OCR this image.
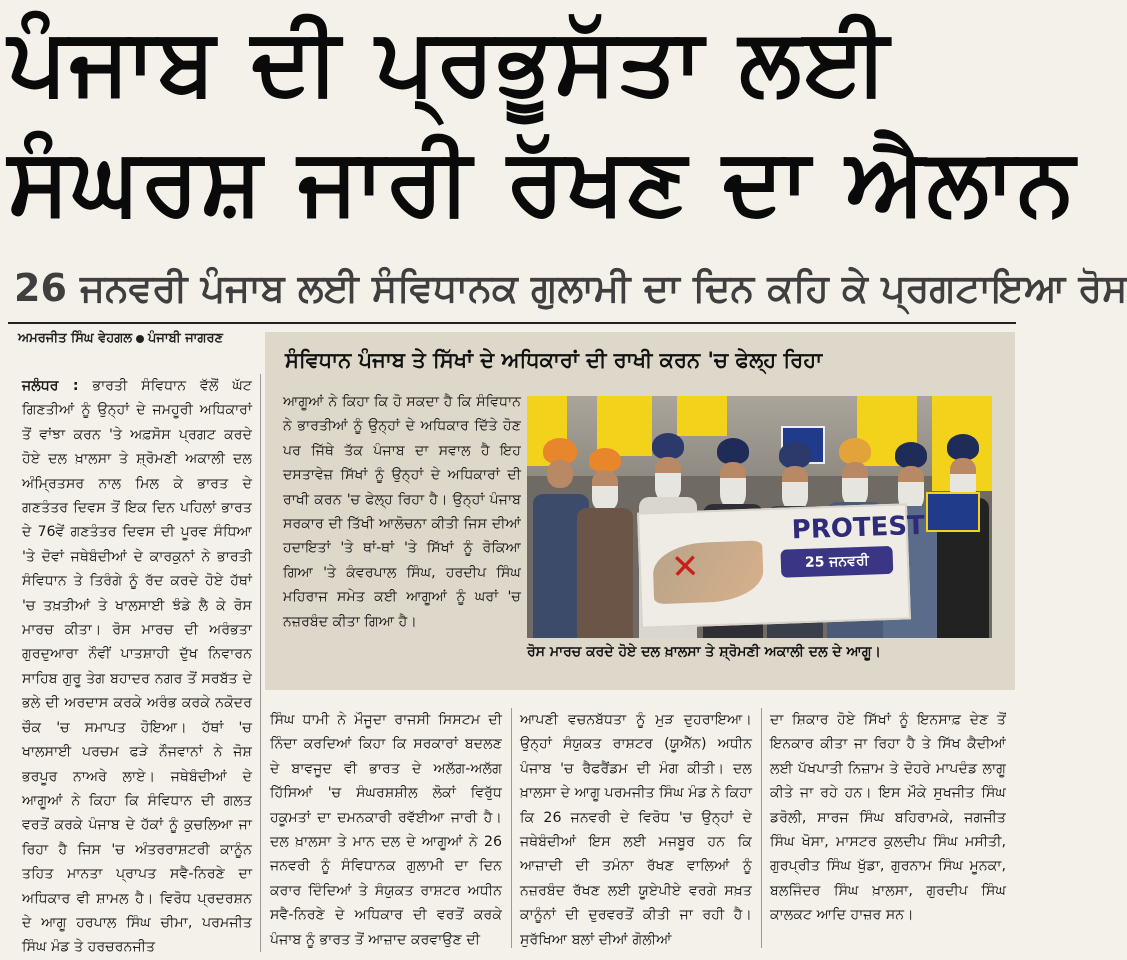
ਪੰਜਾਬ ਦੀ ਪ੍ਰਭੂਸੱਤਾ ਲਈ
ਸੰਘਰਸ਼ ਜਾਰੀ ਰੱਖਣ ਦਾ ਐਲਾਨ
26 ਜਨਵਰੀ ਪੰਜਾਬ ਲਈ ਸੰਵਿਧਾਨਕ ਗੁਲਾਮੀ ਦਾ ਦਿਨ ਕਹਿ ਕੇ ਪ੍ਰਗਟਾਇਆ ਰੋਸ
ਅਮਰਜੀਤ ਸਿੰਘ ਵੇਹਗਲ ਪੰਜਾਬੀ ਜਾਗਰਣ
ਜਲੰਧਰ : ਭਾਰਤੀ ਸੰਵਿਧਾਨ ਵੱਲੋਂ ਘੱਟ ਗਿਣਤੀਆਂ ਨੂੰ ਉਨ੍ਹਾਂ ਦੇ ਜਮਹੂਰੀ ਅਧਿਕਾਰਾਂ ਤੋਂ ਵਾਂਝਾ ਕਰਨ 'ਤੇ ਅਫ਼ਸੋਸ ਪ੍ਰਗਟ ਕਰਦੇ ਹੋਏ ਦਲ ਖ਼ਾਲਸਾ ਤੇ ਸ਼੍ਰੋਮਣੀ ਅਕਾਲੀ ਦਲ ਅੰਮ੍ਰਿਤਸਰ ਨਾਲ ਮਿਲ ਕੇ ਭਾਰਤ ਦੇ ਗਣਤੰਤਰ ਦਿਵਸ ਤੋਂ ਇਕ ਦਿਨ ਪਹਿਲਾਂ ਭਾਰਤ ਦੇ 76ਵੇਂ ਗਣਤੰਤਰ ਦਿਵਸ ਦੀ ਪੂਰਵ ਸੰਧਿਆ 'ਤੇ ਦੋਵਾਂ ਜਥੇਬੰਦੀਆਂ ਦੇ ਕਾਰਕੁਨਾਂ ਨੇ ਭਾਰਤੀ ਸੰਵਿਧਾਨ ਤੇ ਤਿਰੰਗੇ ਨੂੰ ਰੱਦ ਕਰਦੇ ਹੋਏ ਹੱਥਾਂ 'ਚ ਤਖ਼ਤੀਆਂ ਤੇ ਖਾਲਸਾਈ ਝੰਡੇ ਲੈ ਕੇ ਰੋਸ ਮਾਰਚ ਕੀਤਾ। ਰੋਸ ਮਾਰਚ ਦੀ ਅਰੰਭਤਾ ਗੁਰਦੁਆਰਾ ਨੌਵੀਂ ਪਾਤਸ਼ਾਹੀ ਦੁੱਖ ਨਿਵਾਰਨ ਸਾਹਿਬ ਗੁਰੂ ਤੇਗ ਬਹਾਦਰ ਨਗਰ ਤੋਂ ਸਰਬੱਤ ਦੇ ਭਲੇ ਦੀ ਅਰਦਾਸ ਕਰਕੇ ਅਰੰਭ ਕਰਕੇ ਨਕੋਦਰ ਚੌਕ 'ਚ ਸਮਾਪਤ ਹੋਇਆ। ਹੱਥਾਂ 'ਚ ਖਾਲਸਾਈ ਪਰਚਮ ਫੜੇ ਨੌਜਵਾਨਾਂ ਨੇ ਜੋਸ਼ ਭਰਪੂਰ ਨਾਅਰੇ ਲਾਏ। ਜਥੇਬੰਦੀਆਂ ਦੇ ਆਗੂਆਂ ਨੇ ਕਿਹਾ ਕਿ ਸੰਵਿਧਾਨ ਦੀ ਗਲਤ ਵਰਤੋਂ ਕਰਕੇ ਪੰਜਾਬ ਦੇ ਹੱਕਾਂ ਨੂੰ ਕੁਚਲਿਆ ਜਾ ਰਿਹਾ ਹੈ ਜਿਸ 'ਚ ਅੰਤਰਰਾਸ਼ਟਰੀ ਕਾਨੂੰਨ ਤਹਿਤ ਮਾਨਤਾ ਪ੍ਰਾਪਤ ਸਵੈ-ਨਿਰਣੇ ਦਾ ਅਧਿਕਾਰ ਵੀ ਸ਼ਾਮਲ ਹੈ। ਵਿਰੋਧ ਪ੍ਰਦਰਸ਼ਨ ਦੇ ਆਗੂ ਹਰਪਾਲ ਸਿੰਘ ਚੀਮਾ, ਪਰਮਜੀਤ ਸਿੰਘ ਮੰਡ ਤੇ ਹਰਚਰਨਜੀਤ
ਸੰਵਿਧਾਨ ਪੰਜਾਬ ਤੇ ਸਿੱਖਾਂ ਦੇ ਅਧਿਕਾਰਾਂ ਦੀ ਰਾਖੀ ਕਰਨ 'ਚ ਫੇਲ੍ਹ ਰਿਹਾ
ਆਗੂਆਂ ਨੇ ਕਿਹਾ ਕਿ ਹੋ ਸਕਦਾ ਹੈ ਕਿ ਸੰਵਿਧਾਨ ਨੇ ਭਾਰਤੀਆਂ ਨੂੰ ਉਨ੍ਹਾਂ ਦੇ ਅਧਿਕਾਰ ਦਿੱਤੇ ਹੋਣ ਪਰ ਜਿੱਥੇ ਤੱਕ ਪੰਜਾਬ ਦਾ ਸਵਾਲ ਹੈ ਇਹ ਦਸਤਾਵੇਜ਼ ਸਿੱਖਾਂ ਨੂੰ ਉਨ੍ਹਾਂ ਦੇ ਅਧਿਕਾਰਾਂ ਦੀ ਰਾਖੀ ਕਰਨ 'ਚ ਫੇਲ੍ਹ ਰਿਹਾ ਹੈ। ਉਨ੍ਹਾਂ ਪੰਜਾਬ ਸਰਕਾਰ ਦੀ ਤਿੱਖੀ ਆਲੋਚਨਾ ਕੀਤੀ ਜਿਸ ਦੀਆਂ ਹਦਾਇਤਾਂ 'ਤੇ ਥਾਂ-ਥਾਂ 'ਤੇ ਸਿੱਖਾਂ ਨੂੰ ਰੋਕਿਆ ਗਿਆ 'ਤੇ ਕੰਵਰਪਾਲ ਸਿੰਘ, ਹਰਦੀਪ ਸਿੰਘ ਮਹਿਰਾਜ ਸਮੇਤ ਕਈ ਆਗੂਆਂ ਨੂੰ ਘਰਾਂ 'ਚ ਨਜ਼ਰਬੰਦ ਕੀਤਾ ਗਿਆ ਹੈ।
✕
PROTEST
25 ਜਨਵਰੀ
ਰੋਸ ਮਾਰਚ ਕਰਦੇ ਹੋਏ ਦਲ ਖ਼ਾਲਸਾ ਤੇ ਸ਼੍ਰੋਮਣੀ ਅਕਾਲੀ ਦਲ ਦੇ ਆਗੂ।
ਸਿੰਘ ਧਾਮੀ ਨੇ ਮੌਜੂਦਾ ਰਾਜਸੀ ਸਿਸਟਮ ਦੀ ਨਿੰਦਾ ਕਰਦਿਆਂ ਕਿਹਾ ਕਿ ਸਰਕਾਰਾਂ ਬਦਲਣ ਦੇ ਬਾਵਜੂਦ ਵੀ ਭਾਰਤ ਦੇ ਅਲੱਗ-ਅਲੱਗ ਹਿੱਸਿਆਂ 'ਚ ਸੰਘਰਸ਼ਸ਼ੀਲ ਲੋਕਾਂ ਵਿਰੁੱਧ ਹਕੂਮਤਾਂ ਦਾ ਦਮਨਕਾਰੀ ਰਵੱਈਆ ਜਾਰੀ ਹੈ। ਦਲ ਖ਼ਾਲਸਾ ਤੇ ਮਾਨ ਦਲ ਦੇ ਆਗੂਆਂ ਨੇ 26 ਜਨਵਰੀ ਨੂੰ ਸੰਵਿਧਾਨਕ ਗੁਲਾਮੀ ਦਾ ਦਿਨ ਕਰਾਰ ਦਿੰਦਿਆਂ ਤੇ ਸੰਯੁਕਤ ਰਾਸ਼ਟਰ ਅਧੀਨ ਸਵੈ-ਨਿਰਣੇ ਦੇ ਅਧਿਕਾਰ ਦੀ ਵਰਤੋਂ ਕਰਕੇ ਪੰਜਾਬ ਨੂੰ ਭਾਰਤ ਤੋਂ ਆਜ਼ਾਦ ਕਰਵਾਉਣ ਦੀ
ਆਪਣੀ ਵਚਨਬੱਧਤਾ ਨੂੰ ਮੁੜ ਦੁਹਰਾਇਆ। ਉਨ੍ਹਾਂ ਸੰਯੁਕਤ ਰਾਸ਼ਟਰ (ਯੂਐੱਨ) ਅਧੀਨ ਪੰਜਾਬ 'ਚ ਰੈਫਰੈਂਡਮ ਦੀ ਮੰਗ ਕੀਤੀ। ਦਲ ਖ਼ਾਲਸਾ ਦੇ ਆਗੂ ਪਰਮਜੀਤ ਸਿੰਘ ਮੰਡ ਨੇ ਕਿਹਾ ਕਿ 26 ਜਨਵਰੀ ਦੇ ਵਿਰੋਧ 'ਚ ਉਨ੍ਹਾਂ ਦੇ ਜਥੇਬੰਦੀਆਂ ਇਸ ਲਈ ਮਜਬੂਰ ਹਨ ਕਿ ਆਜ਼ਾਦੀ ਦੀ ਤਮੰਨਾ ਰੱਖਣ ਵਾਲਿਆਂ ਨੂੰ ਨਜ਼ਰਬੰਦ ਰੱਖਣ ਲਈ ਯੂਏਪੀਏ ਵਰਗੇ ਸਖ਼ਤ ਕਾਨੂੰਨਾਂ ਦੀ ਦੁਰਵਰਤੋਂ ਕੀਤੀ ਜਾ ਰਹੀ ਹੈ। ਸੁਰੱਖਿਆ ਬਲਾਂ ਦੀਆਂ ਗੋਲੀਆਂ
ਦਾ ਸ਼ਿਕਾਰ ਹੋਏ ਸਿੱਖਾਂ ਨੂੰ ਇਨਸਾਫ਼ ਦੇਣ ਤੋਂ ਇਨਕਾਰ ਕੀਤਾ ਜਾ ਰਿਹਾ ਹੈ ਤੇ ਸਿੱਖ ਕੈਦੀਆਂ ਲਈ ਪੱਖਪਾਤੀ ਨਿਜ਼ਾਮ ਤੇ ਦੋਹਰੇ ਮਾਪਦੰਡ ਲਾਗੂ ਕੀਤੇ ਜਾ ਰਹੇ ਹਨ। ਇਸ ਮੌਕੇ ਸੁਖਜੀਤ ਸਿੰਘ ਡਰੋਲੀ, ਸਾਰਜ ਸਿੰਘ ਬਹਿਰਾਮਕੇ, ਜਗਜੀਤ ਸਿੰਘ ਖੋਸਾ, ਮਾਸਟਰ ਕੁਲਦੀਪ ਸਿੰਘ ਮਸੀਤੀ, ਗੁਰਪ੍ਰੀਤ ਸਿੰਘ ਖੁੱਡਾ, ਗੁਰਨਾਮ ਸਿੰਘ ਮੂਨਕਾ, ਬਲਜਿੰਦਰ ਸਿੰਘ ਖ਼ਾਲਸਾ, ਗੁਰਦੀਪ ਸਿੰਘ ਕਾਲਕਟ ਆਦਿ ਹਾਜ਼ਰ ਸਨ।
